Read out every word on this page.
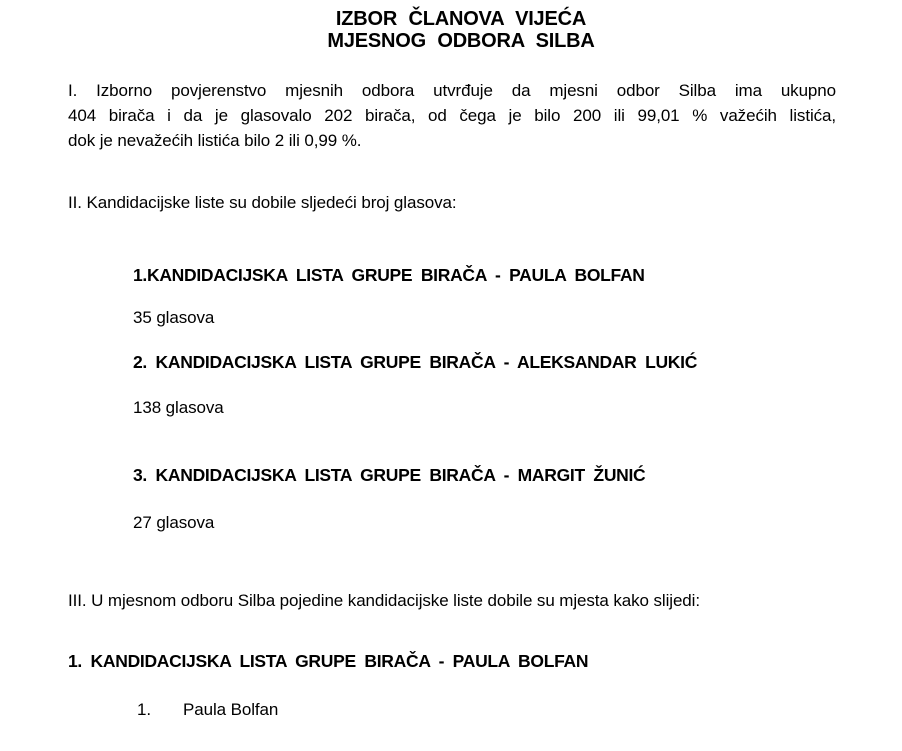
IZBOR ČLANOVA VIJEĆA
MJESNOG ODBORA SILBA
I. Izborno povjerenstvo mjesnih odbora utvrđuje da mjesni odbor Silba ima ukupno
404 birača i da je glasovalo 202 birača, od čega je bilo 200 ili 99,01 % važećih listića,
dok je nevažećih listića bilo 2 ili 0,99 %.

II. Kandidacijske liste su dobile sljedeći broj glasova:

1.KANDIDACIJSKA LISTA GRUPE BIRAČA - PAULA BOLFAN

35 glasova

2. KANDIDACIJSKA LISTA GRUPE BIRAČA - ALEKSANDAR LUKIĆ

138 glasova

3. KANDIDACIJSKA LISTA GRUPE BIRAČA - MARGIT ŽUNIĆ

27 glasova

III. U mjesnom odboru Silba pojedine kandidacijske liste dobile su mjesta kako slijedi:

1. KANDIDACIJSKA LISTA GRUPE BIRAČA - PAULA BOLFAN

1. Paula Bolfan
